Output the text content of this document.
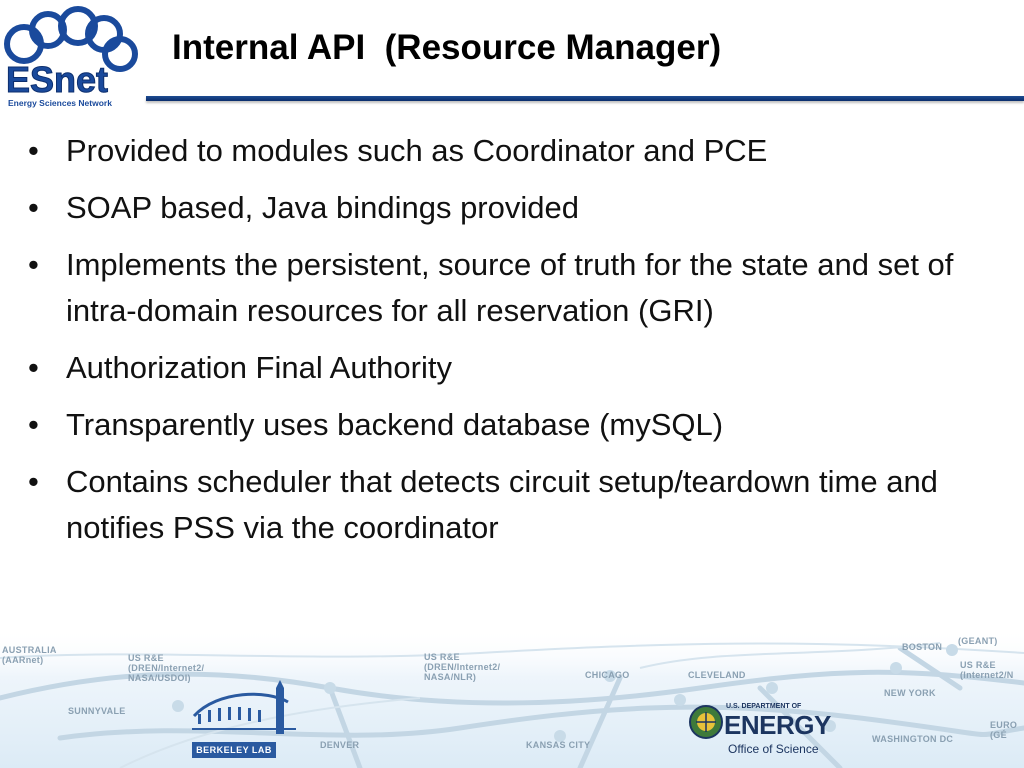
ESnet
Energy Sciences Network
Internal API  (Resource Manager)
• Provided to modules such as Coordinator and PCE
• SOAP based, Java bindings provided
• Implements the persistent, source of truth for the state and set of intra-domain resources for all reservation (GRI)
• Authorization Final Authority
• Transparently uses backend database (mySQL)
• Contains scheduler that detects circuit setup/teardown time and notifies PSS via the coordinator
AUSTRALIA
(AARnet)	US R&E
(DREN/Internet2/
NASA/USDOI)
US R&E
(DREN/Internet2/
NASA/NLR)	CHICAGO	CLEVELAND
BOSTON
(GEANT)
US R&E
(Internet2/N
NEW YORK
SUNNYVALE
DENVER	KANSAS CITY
WASHINGTON DC
EURO
(GÉ
BERKELEY LAB
U.S. DEPARTMENT OF
ENERGY
Office of Science
